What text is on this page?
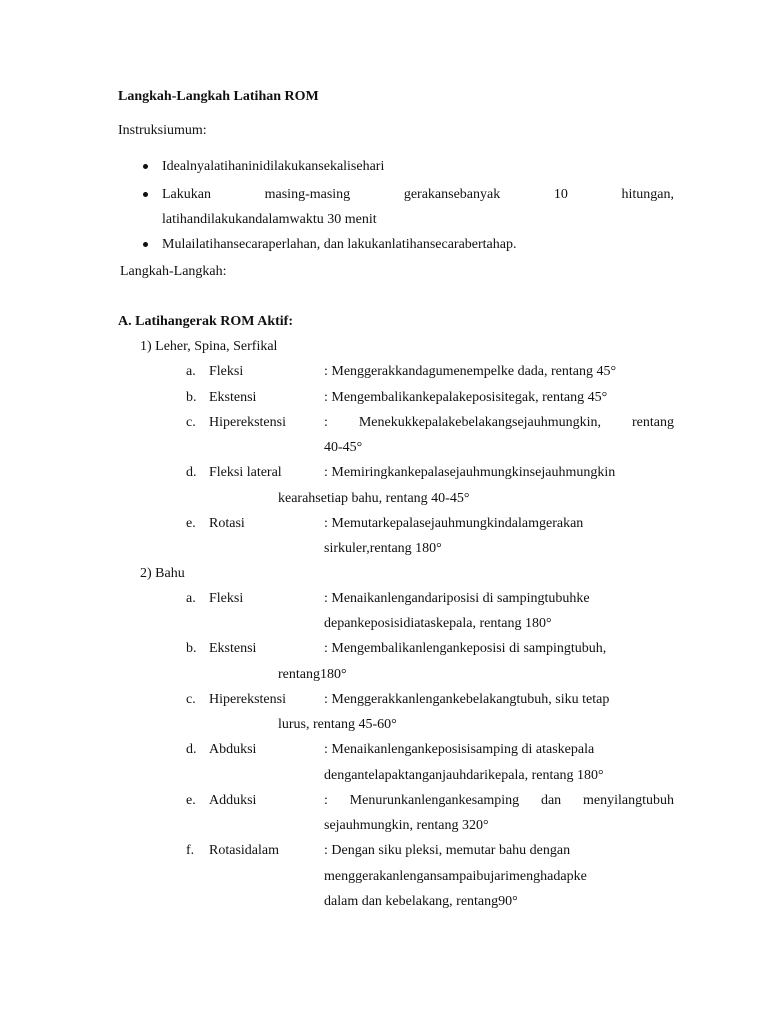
Langkah-Langkah Latihan ROM
Instruksiumum:
Idealnyalatihaninidilakukansekalisehari
Lakukan	masing-masing	gerakansebanyak	10	hitungan,
latihandilakukandalamwaktu 30 menit
Mulailatihansecaraperlahan, dan lakukanlatihansecarabertahap.
Langkah-Langkah:
A. Latihangerak ROM Aktif:
1) Leher, Spina, Serfikal
a. Fleksi	: Menggerakkandagumenempelke dada, rentang 45°
b. Ekstensi	: Mengembalikankepalakeposisitegak, rentang 45°
c. Hiperekstensi	: Menekukkepalakebelakangsejauhmungkin, rentang
40-45°
d. Fleksi lateral	: Memiringkankepalasejauhmungkinsejauhmungkin
kearahsetiap bahu, rentang 40-45°
e. Rotasi	: Memutarkepalasejauhmungkindalamgerakan
sirkuler,rentang 180°
2) Bahu
a. Fleksi	: Menaikanlengandariposisi di sampingtubuhke
depankeposisidiataskepala, rentang 180°
b. Ekstensi	: Mengembalikanlengankeposisi di sampingtubuh,
rentang180°
c. Hiperekstensi	: Menggerakkanlengankebelakangtubuh, siku tetap
lurus, rentang 45-60°
d. Abduksi	: Menaikanlengankeposisisamping di ataskepala
dengantelapaktanganjauhdarikepala, rentang 180°
e. Adduksi	: Menurunkanlengankesamping dan menyilangtubuh
sejauhmungkin, rentang 320°
f. Rotasidalam	: Dengan siku pleksi, memutar bahu dengan
menggerakanlengansampaibujarimenghadapke
dalam dan kebelakang, rentang90°
